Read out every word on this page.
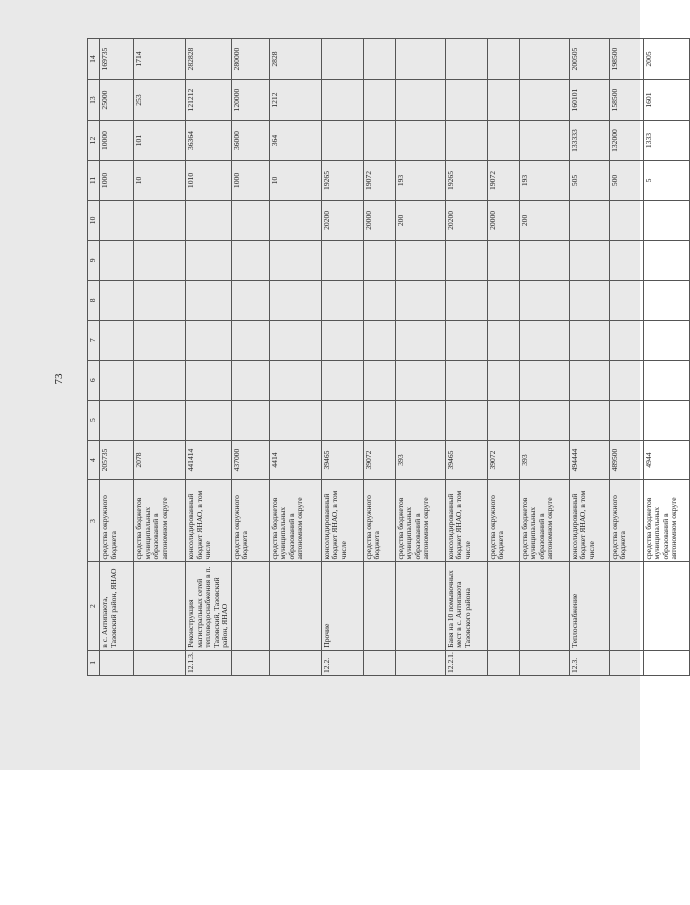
73
1	2	3	4	5	6	7	8	9	10	11	12	13	14
	в с. Антипаюта, Тазовский район, ЯНАО	средства окружного бюджета	205735							1000	10000	25000	169735
		средства бюджетов муниципальных образований в автономном округе	2078							10	101	253	1714
12.1.3.	Реконструкция магистральных сетей тепловодоснабжения в п. Тазовский, Тазовский район, ЯНАО	консолидированный бюджет ЯНАО, в том числе	441414							1010	36364	121212	282828
		средства окружного бюджета	437000							1000	36000	120000	280000
		средства бюджетов муниципальных образований в автономном округе	4414							10	364	1212	2828
12.2.	Прочие	консолидированный бюджет ЯНАО, в том числе	39465						20200	19265			
		средства окружного бюджета	39072						20000	19072			
		средства бюджетов муниципальных образований в автономном округе	393						200	193			
12.2.1.	Баня на 10 помывочных мест в с. Антипаюта Тазовского района	консолидированный бюджет ЯНАО, в том числе	39465						20200	19265			
		средства окружного бюджета	39072						20000	19072			
		средства бюджетов муниципальных образований в автономном округе	393						200	193			
12.3.	Теплоснабжение	консолидированный бюджет ЯНАО, в том числе	494444							505	133333	160101	200505
		средства окружного бюджета	489500							500	132000	158500	198500
		средства бюджетов муниципальных образований в автономном округе	4944							5	1333	1601	2005
